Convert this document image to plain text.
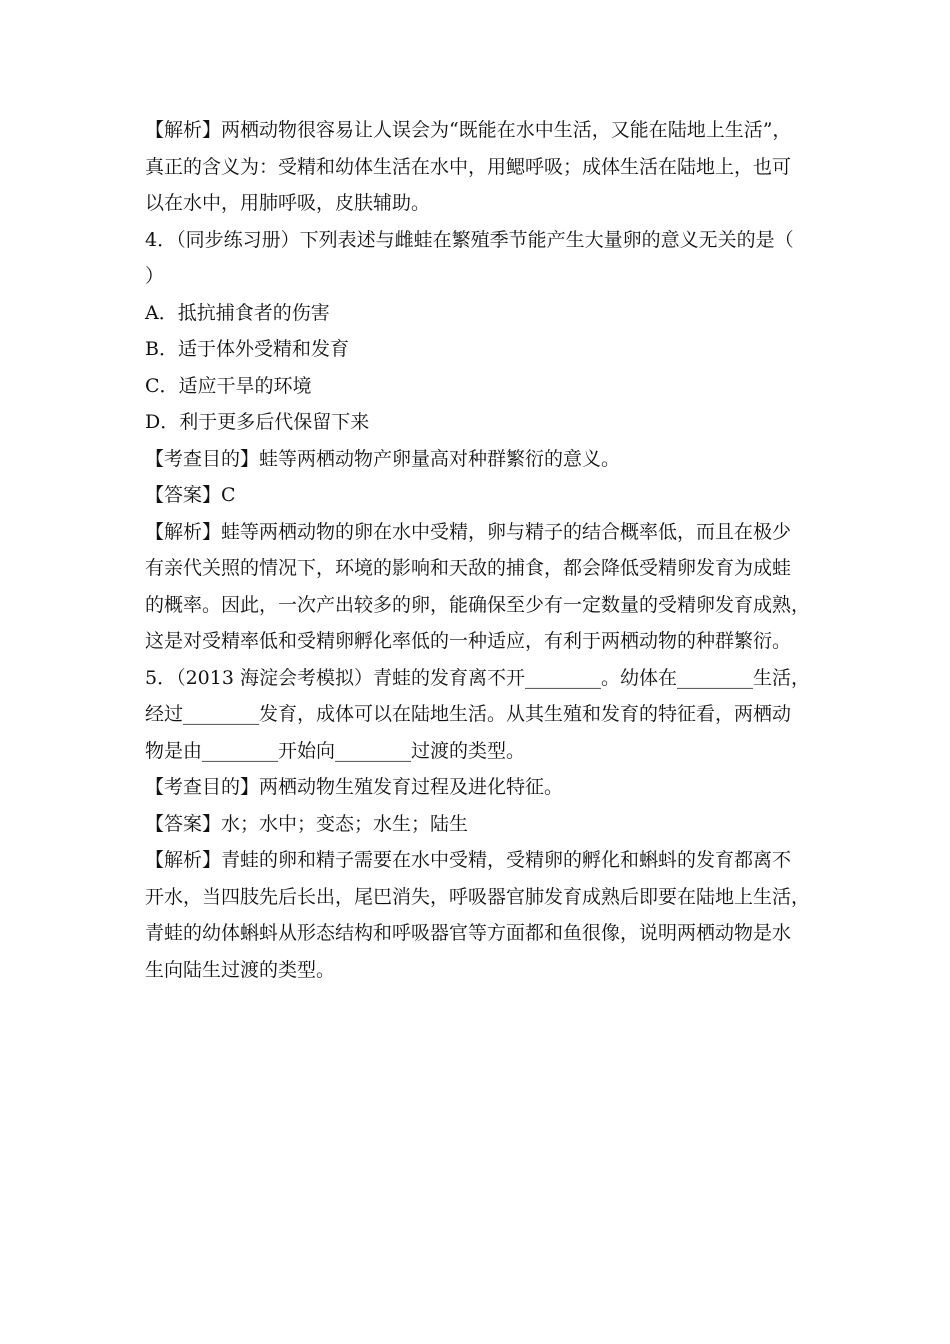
【解析】两栖动物很容易让人误会为“既能在水中生活，又能在陆地上生活”，
真正的含义为：受精和幼体生活在水中，用鳃呼吸；成体生活在陆地上，也可
以在水中，用肺呼吸，皮肤辅助。
4．（同步练习册）下列表述与雌蛙在繁殖季节能产生大量卵的意义无关的是（
）
A．抵抗捕食者的伤害
B．适于体外受精和发育
C．适应干旱的环境
D．利于更多后代保留下来
【考查目的】蛙等两栖动物产卵量高对种群繁衍的意义。
【答案】C
【解析】蛙等两栖动物的卵在水中受精，卵与精子的结合概率低，而且在极少
有亲代关照的情况下，环境的影响和天敌的捕食，都会降低受精卵发育为成蛙
的概率。因此，一次产出较多的卵，能确保至少有一定数量的受精卵发育成熟，
这是对受精率低和受精卵孵化率低的一种适应，有利于两栖动物的种群繁衍。
5．（2013 海淀会考模拟）青蛙的发育离不开________。幼体在________生活，
经过________发育，成体可以在陆地生活。从其生殖和发育的特征看，两栖动
物是由________开始向________过渡的类型。
【考查目的】两栖动物生殖发育过程及进化特征。
【答案】水；水中；变态；水生；陆生
【解析】青蛙的卵和精子需要在水中受精，受精卵的孵化和蝌蚪的发育都离不
开水，当四肢先后长出，尾巴消失，呼吸器官肺发育成熟后即要在陆地上生活，
青蛙的幼体蝌蚪从形态结构和呼吸器官等方面都和鱼很像，说明两栖动物是水
生向陆生过渡的类型。
